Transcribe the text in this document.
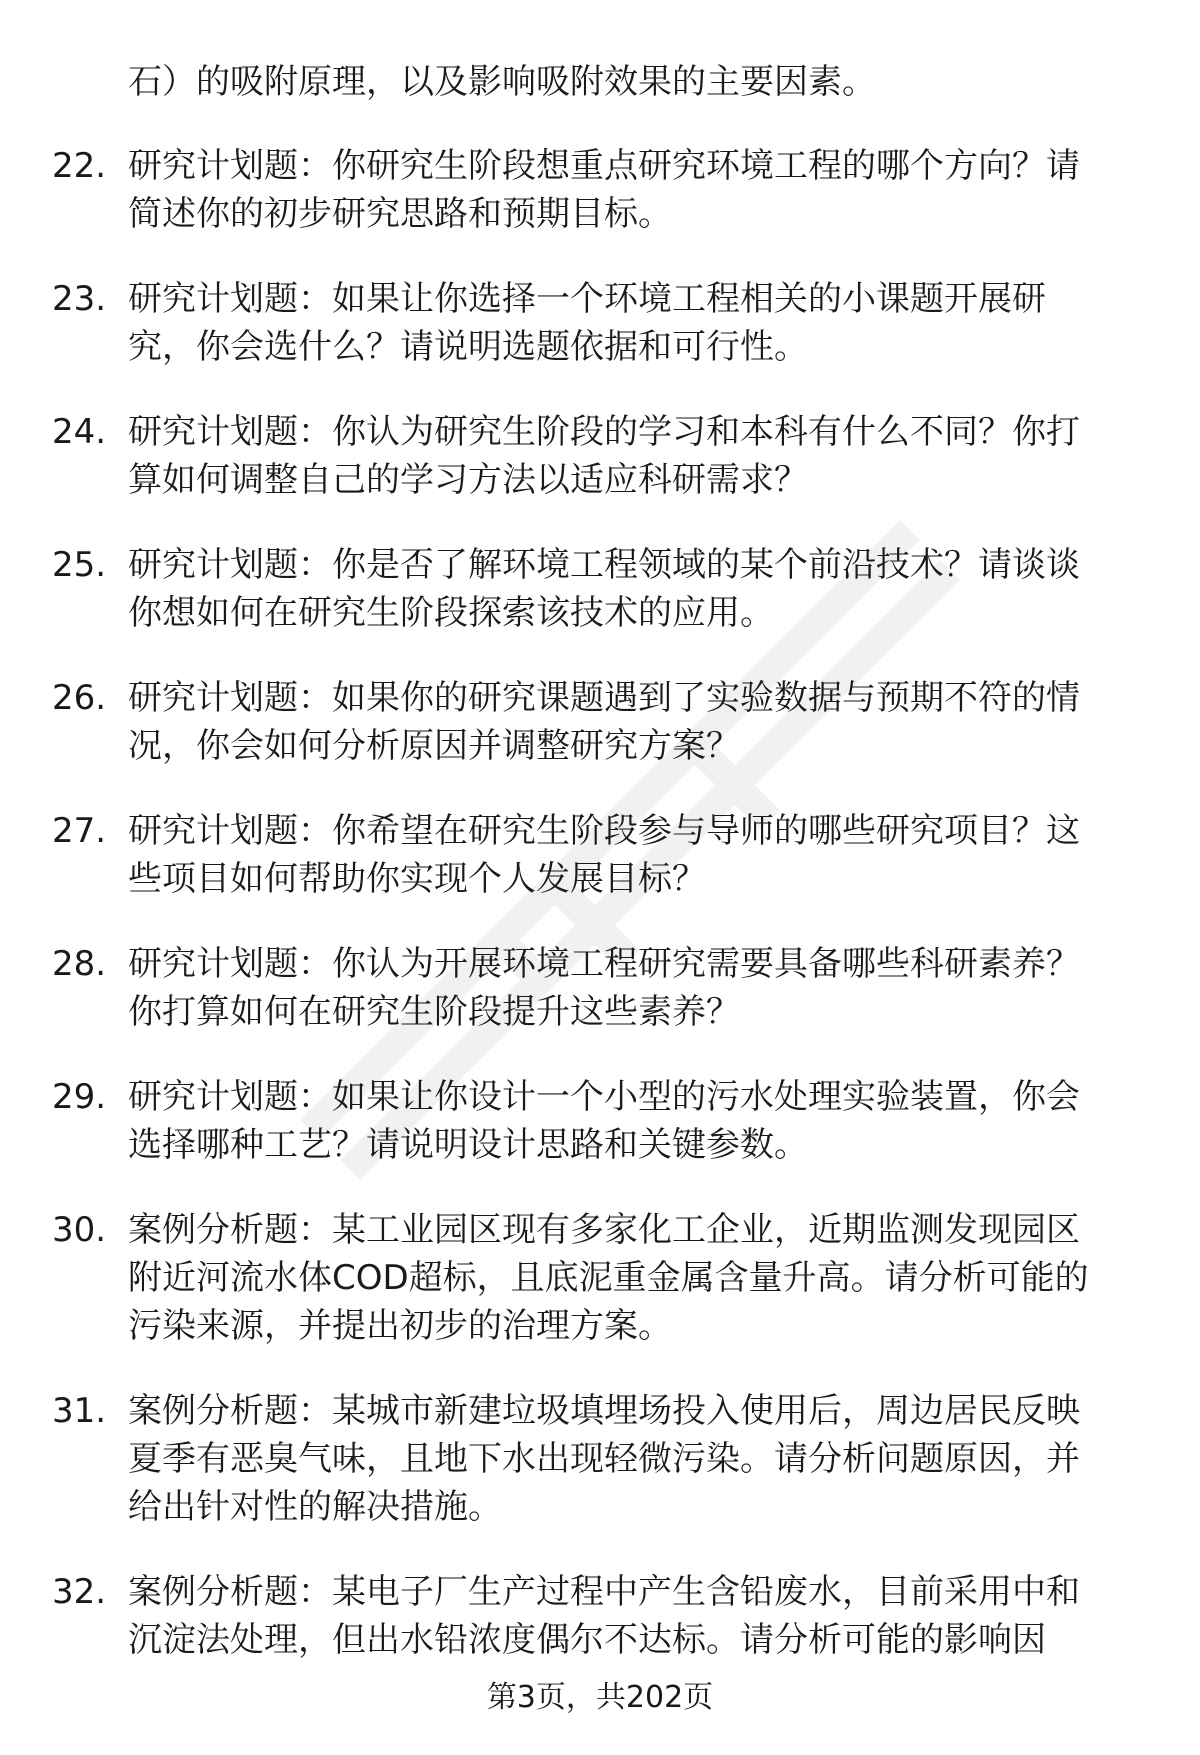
石）的吸附原理，以及影响吸附效果的主要因素。
22. 研究计划题：你研究生阶段想重点研究环境工程的哪个方向？请
简述你的初步研究思路和预期目标。
23. 研究计划题：如果让你选择一个环境工程相关的小课题开展研
究，你会选什么？请说明选题依据和可行性。
24. 研究计划题：你认为研究生阶段的学习和本科有什么不同？你打
算如何调整自己的学习方法以适应科研需求？
25. 研究计划题：你是否了解环境工程领域的某个前沿技术？请谈谈
你想如何在研究生阶段探索该技术的应用。
26. 研究计划题：如果你的研究课题遇到了实验数据与预期不符的情
况，你会如何分析原因并调整研究方案？
27. 研究计划题：你希望在研究生阶段参与导师的哪些研究项目？这
些项目如何帮助你实现个人发展目标？
28. 研究计划题：你认为开展环境工程研究需要具备哪些科研素养？
你打算如何在研究生阶段提升这些素养？
29. 研究计划题：如果让你设计一个小型的污水处理实验装置，你会
选择哪种工艺？请说明设计思路和关键参数。
30. 案例分析题：某工业园区现有多家化工企业，近期监测发现园区
附近河流水体COD超标，且底泥重金属含量升高。请分析可能的
污染来源，并提出初步的治理方案。
31. 案例分析题：某城市新建垃圾填埋场投入使用后，周边居民反映
夏季有恶臭气味，且地下水出现轻微污染。请分析问题原因，并
给出针对性的解决措施。
32. 案例分析题：某电子厂生产过程中产生含铅废水，目前采用中和
沉淀法处理，但出水铅浓度偶尔不达标。请分析可能的影响因
第3页，共202页
